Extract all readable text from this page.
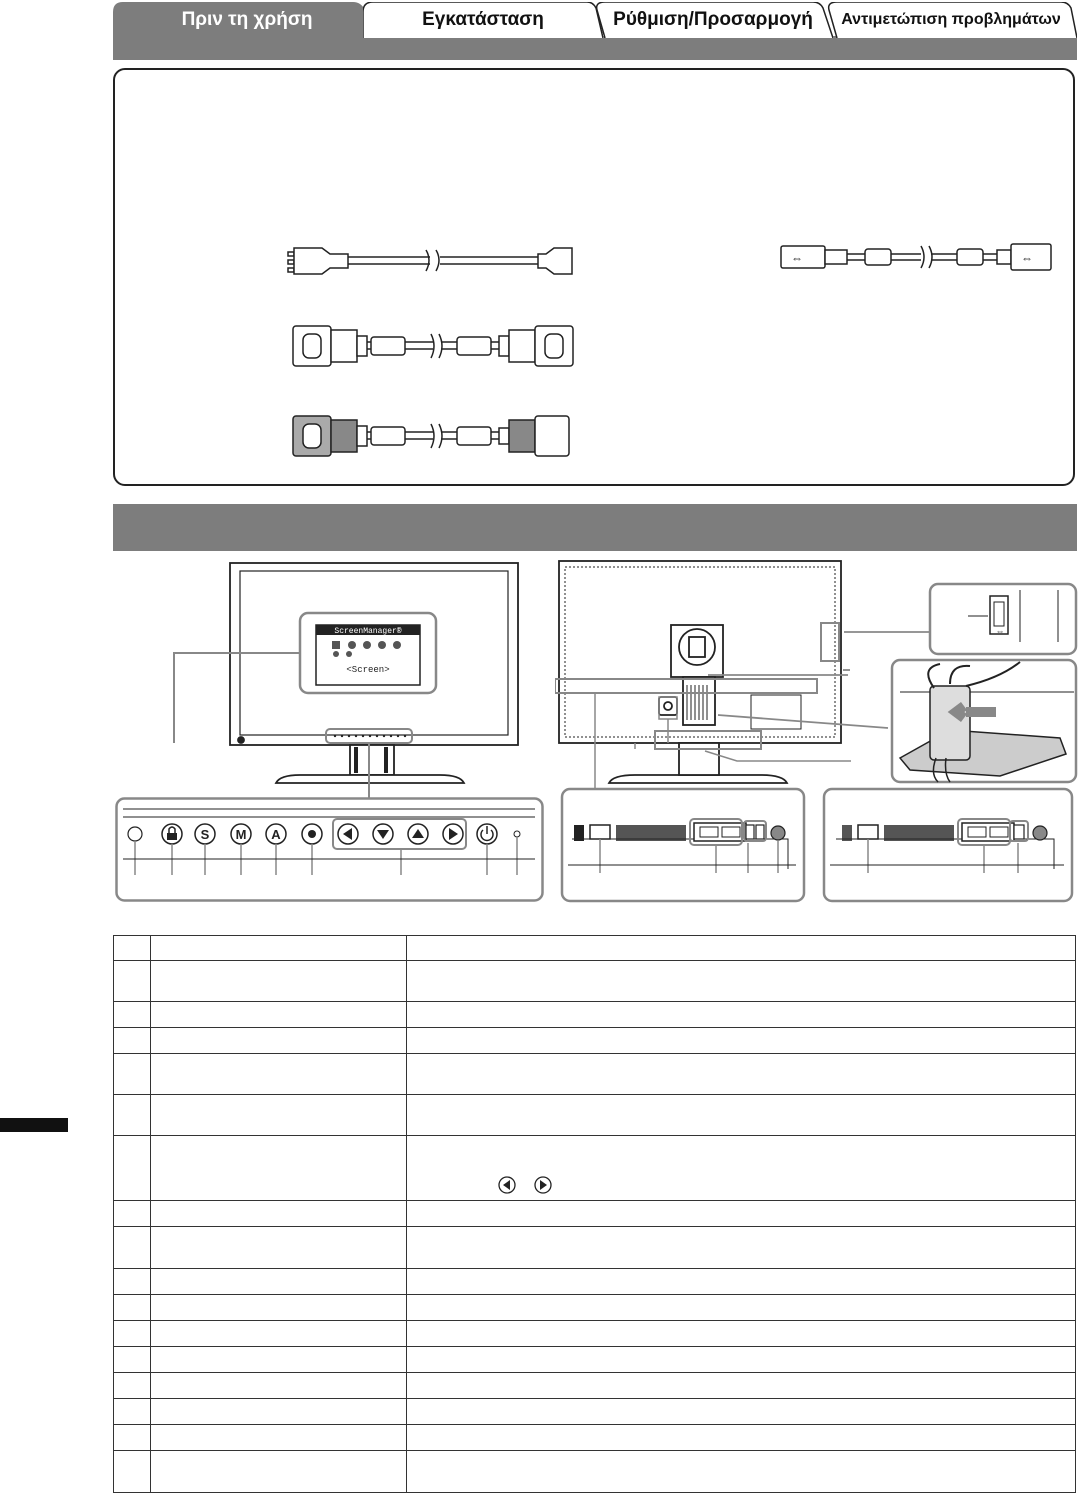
Πριν τη χρήση	Εγκατάσταση	Ρύθμιση/Προσαρμογή Αντιμετώπιση προβλημάτων
⇔	⇔
ScreenManager®
<Screen>
S M A
⇔
